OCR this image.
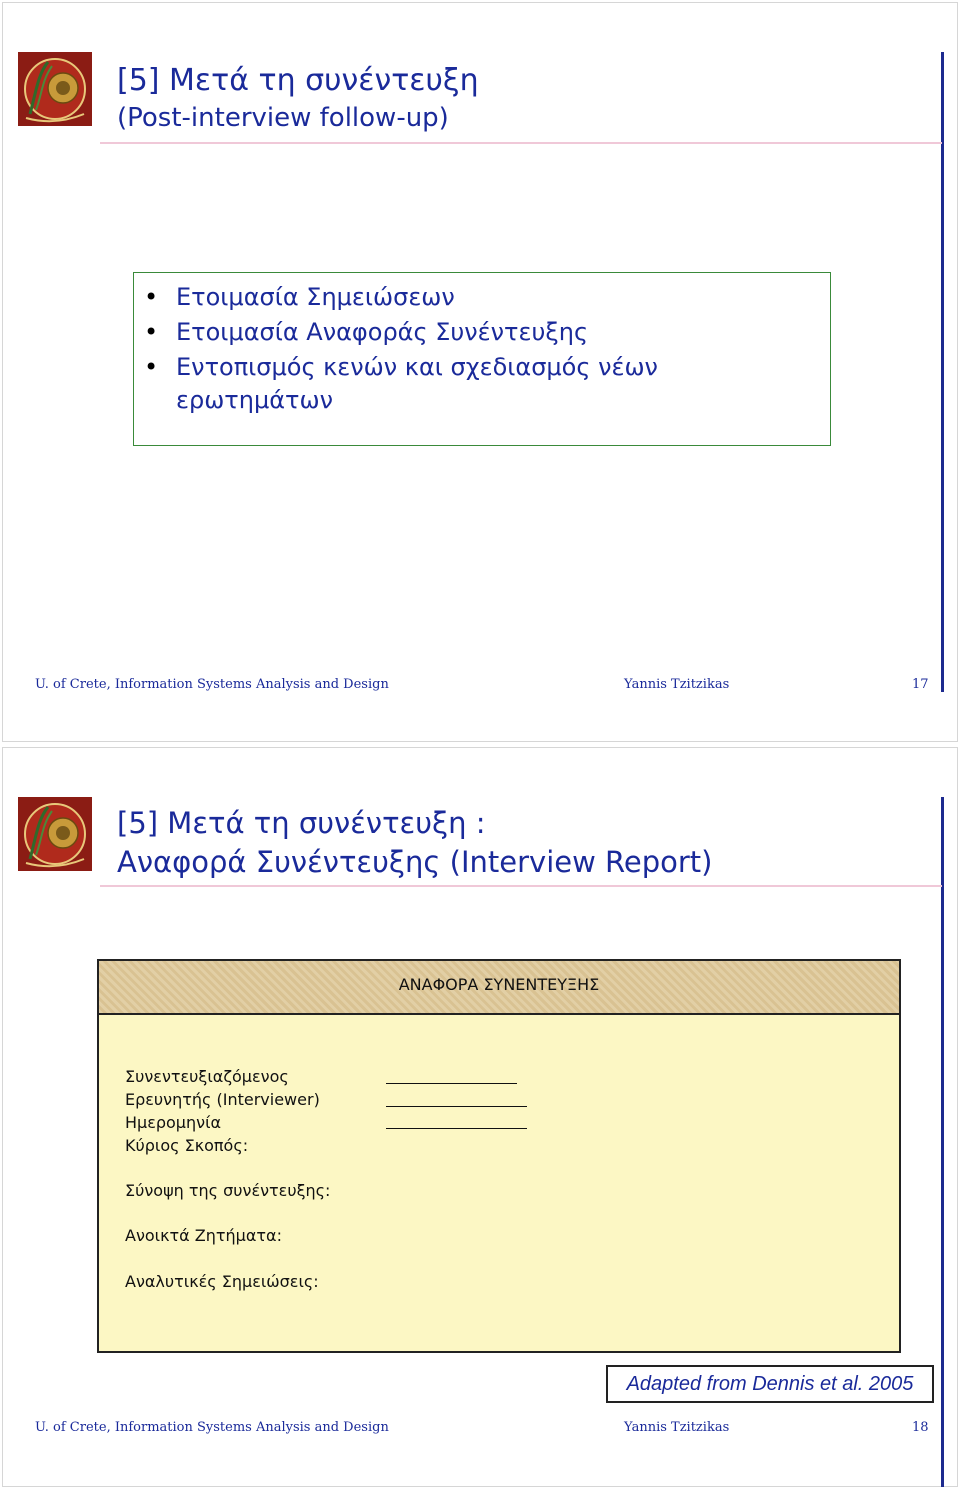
[5] Μετά τη συνέντευξη
(Post-interview follow-up)
• Ετοιμασία Σημειώσεων
• Ετοιμασία Αναφοράς Συνέντευξης
• Εντοπισμός κενών και σχεδιασμός νέων ερωτημάτων
U. of Crete, Information Systems Analysis and Design	Yannis Tzitzikas	17
[5] Μετά τη συνέντευξη :
Αναφορά Συνέντευξης (Interview Report)
ΑΝΑΦΟΡΑ ΣΥΝΕΝΤΕΥΞΗΣ
Συνεντευξιαζόμενος
Ερευνητής (Interviewer)
Ημερομηνία
Κύριος Σκοπός:
Σύνοψη της συνέντευξης:
Ανοικτά Ζητήματα:
Αναλυτικές Σημειώσεις:
Adapted from Dennis et al. 2005
U. of Crete, Information Systems Analysis and Design	Yannis Tzitzikas	18
